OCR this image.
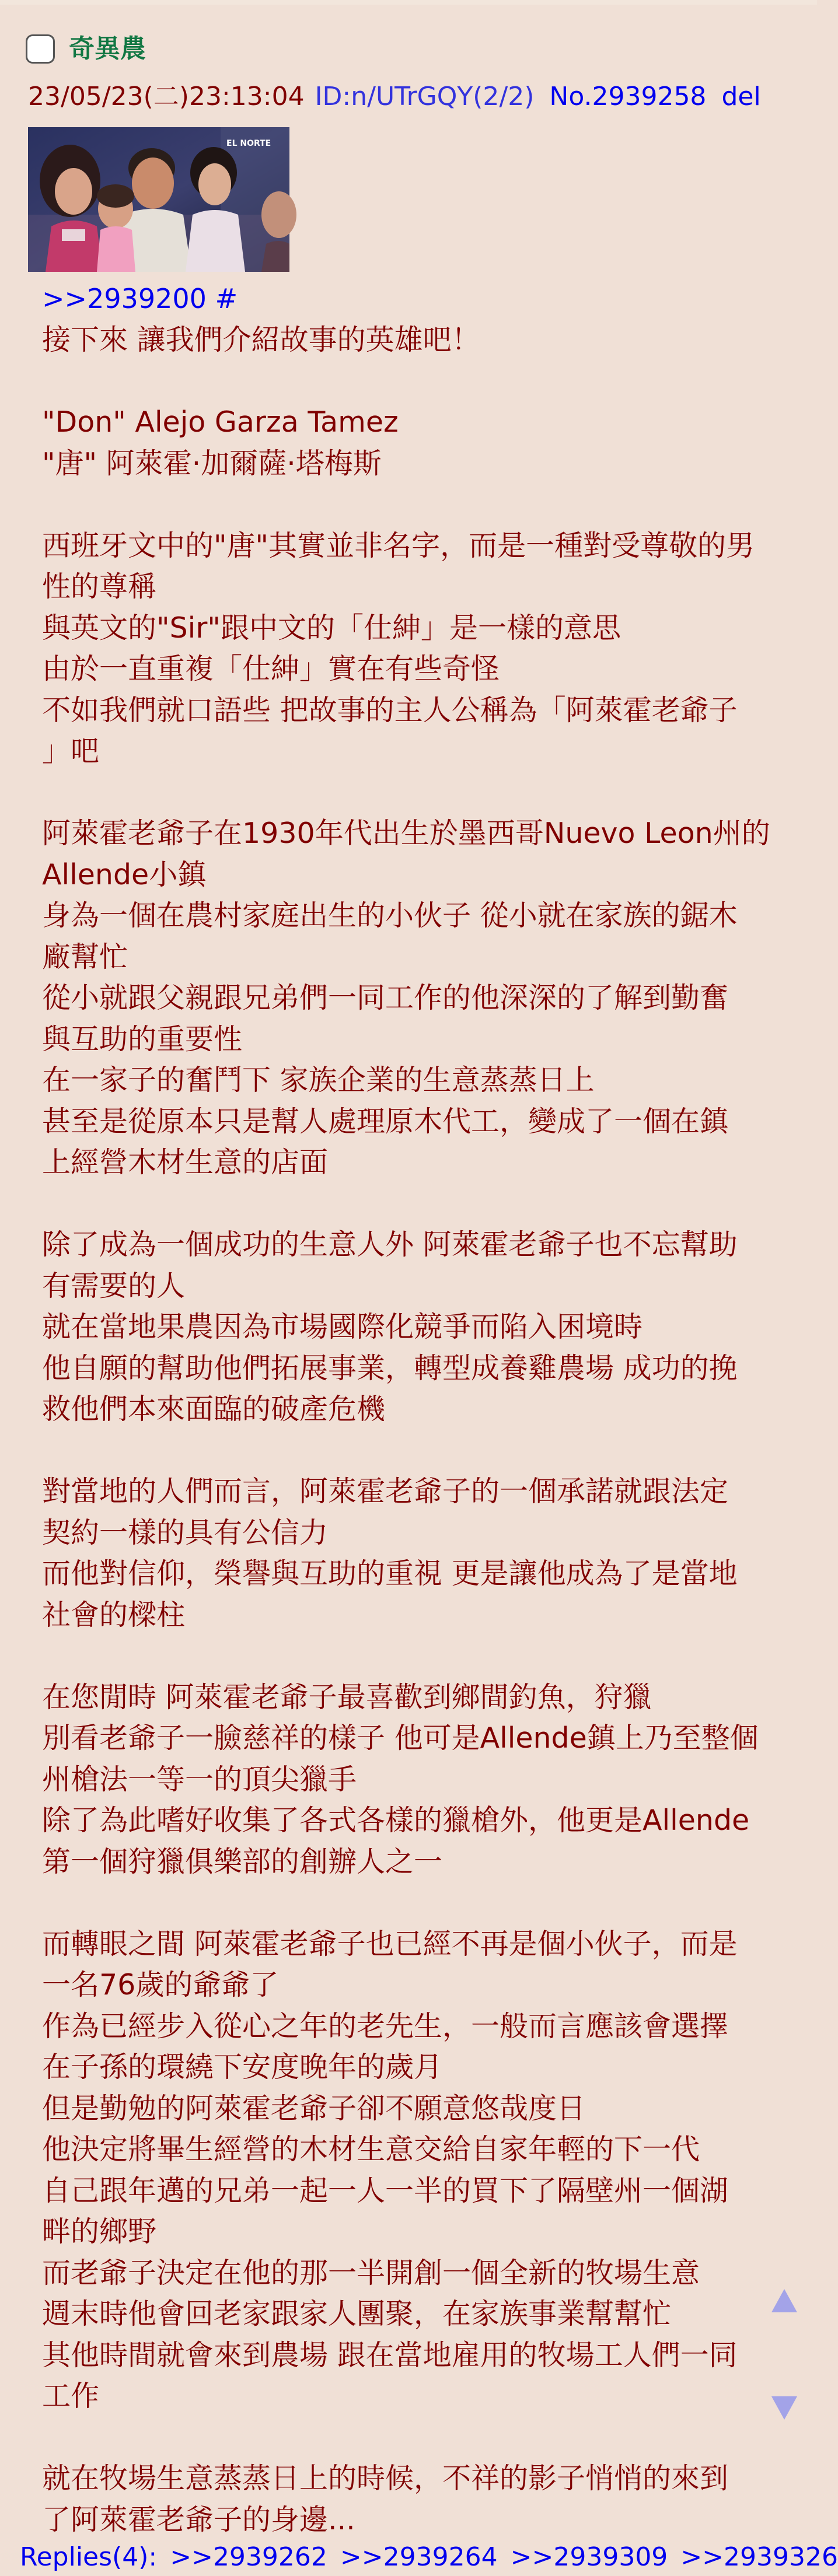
奇異農
23/05/23(二)23:13:04 ID:n/UTrGQY(2/2) No.2939258 del
EL NORTE
>>2939200 #
接下來 讓我們介紹故事的英雄吧！
"Don" Alejo Garza Tamez
"唐" 阿萊霍·加爾薩·塔梅斯
西班牙文中的"唐"其實並非名字，而是一種對受尊敬的男
性的尊稱
與英文的"Sir"跟中文的「仕紳」是一樣的意思
由於一直重複「仕紳」實在有些奇怪
不如我們就口語些 把故事的主人公稱為「阿萊霍老爺子
」吧
阿萊霍老爺子在1930年代出生於墨西哥Nuevo Leon州的
Allende小鎮
身為一個在農村家庭出生的小伙子 從小就在家族的鋸木
廠幫忙
從小就跟父親跟兄弟們一同工作的他深深的了解到勤奮
與互助的重要性
在一家子的奮鬥下 家族企業的生意蒸蒸日上
甚至是從原本只是幫人處理原木代工，變成了一個在鎮
上經營木材生意的店面
除了成為一個成功的生意人外 阿萊霍老爺子也不忘幫助
有需要的人
就在當地果農因為市場國際化競爭而陷入困境時
他自願的幫助他們拓展事業，轉型成養雞農場 成功的挽
救他們本來面臨的破產危機
對當地的人們而言，阿萊霍老爺子的一個承諾就跟法定
契約一樣的具有公信力
而他對信仰，榮譽與互助的重視 更是讓他成為了是當地
社會的樑柱
在您閒時 阿萊霍老爺子最喜歡到鄉間釣魚，狩獵
別看老爺子一臉慈祥的樣子 他可是Allende鎮上乃至整個
州槍法一等一的頂尖獵手
除了為此嗜好收集了各式各樣的獵槍外，他更是Allende
第一個狩獵俱樂部的創辦人之一
而轉眼之間 阿萊霍老爺子也已經不再是個小伙子，而是
一名76歲的爺爺了
作為已經步入從心之年的老先生，一般而言應該會選擇
在子孫的環繞下安度晚年的歲月
但是勤勉的阿萊霍老爺子卻不願意悠哉度日
他決定將畢生經營的木材生意交給自家年輕的下一代
自己跟年邁的兄弟一起一人一半的買下了隔壁州一個湖
畔的鄉野
而老爺子決定在他的那一半開創一個全新的牧場生意
週末時他會回老家跟家人團聚，在家族事業幫幫忙
其他時間就會來到農場 跟在當地雇用的牧場工人們一同
工作
就在牧場生意蒸蒸日上的時候，不祥的影子悄悄的來到
了阿萊霍老爺子的身邊...
Replies(4): >>2939262 >>2939264 >>2939309 >>2939326
